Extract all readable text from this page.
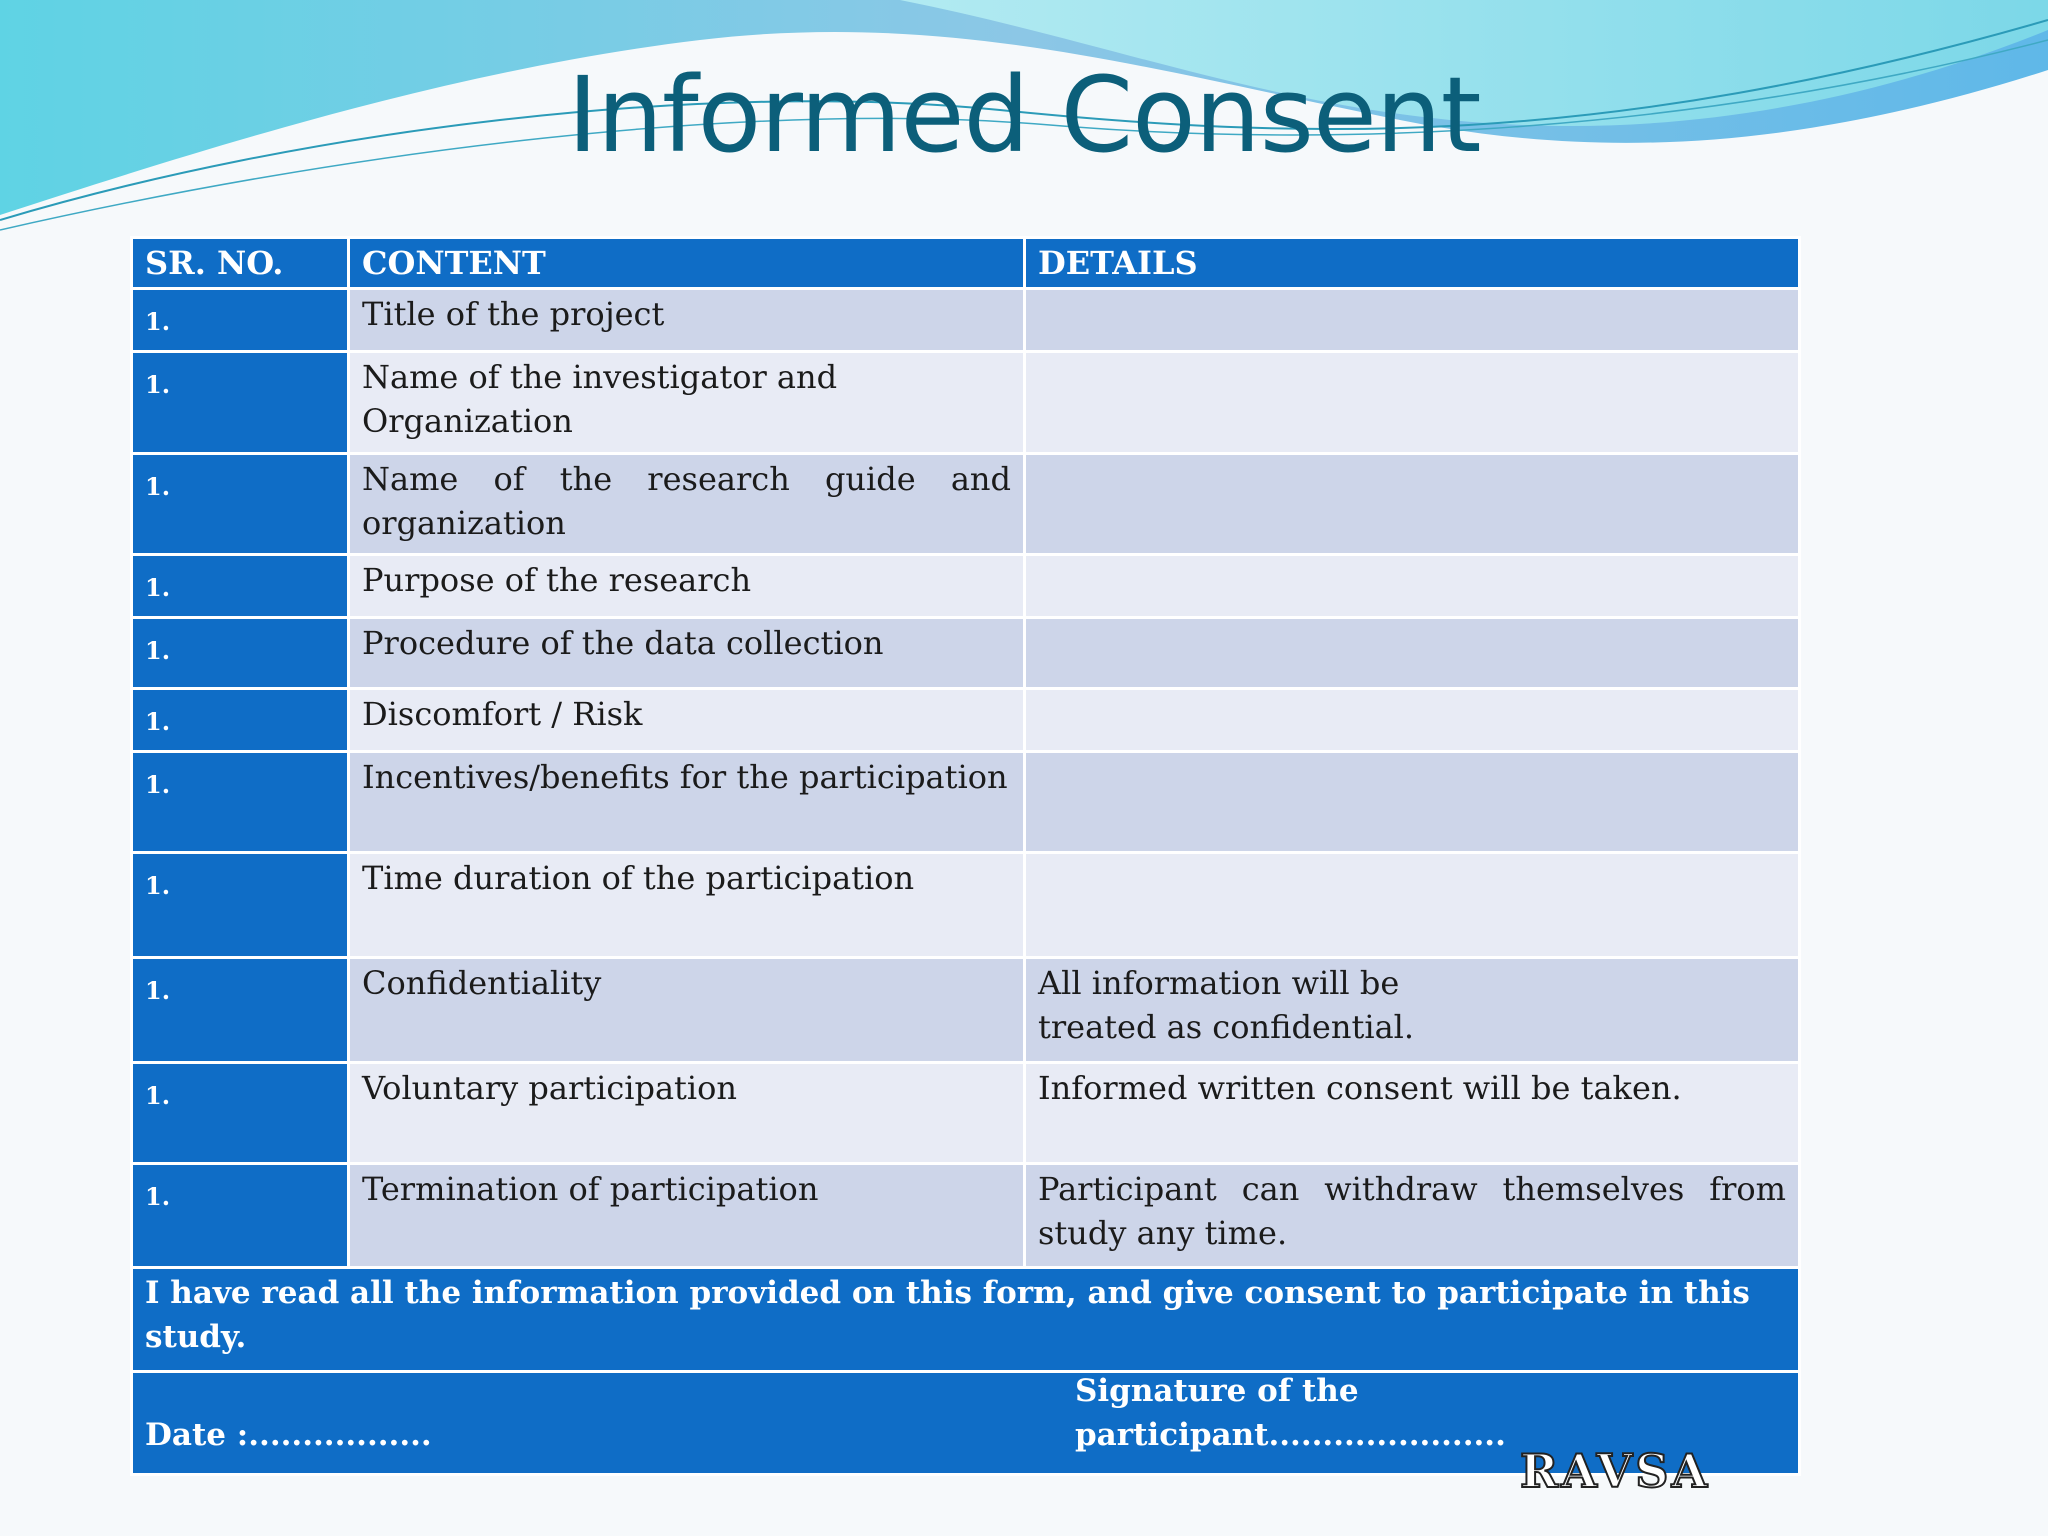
Informed Consent
SR. NO.	CONTENT	DETAILS
1.	Title of the project	
1.	Name of the investigator and Organization	
1.	Name of the research guide and organization	
1.	Purpose of the research	
1.	Procedure of the data collection	
1.	Discomfort / Risk	
1.	Incentives/benefits for the participation	
1.	Time duration of the participation	
1.	Confidentiality	All information will be treated as confidential.
1.	Voluntary participation	Informed written consent will be taken.
1.	Termination of participation	Participant can withdraw themselves from study any time.
I have read all the information provided on this form, and give consent to participate in this study.		

Date :.................
Signature of the participant......................		
RAVSA
